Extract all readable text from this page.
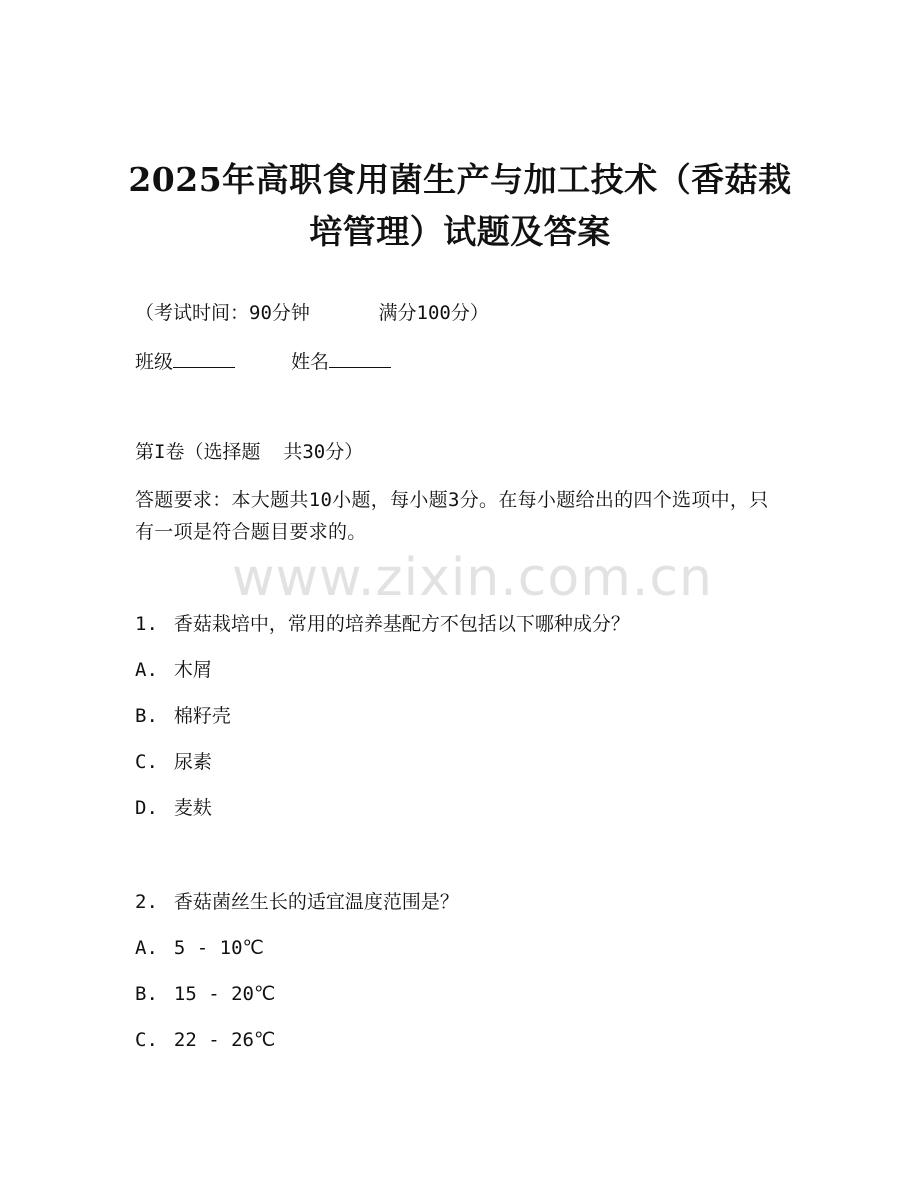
2025年高职食用菌生产与加工技术（香菇栽
培管理）试题及答案
（考试时间：90分钟      满分100分）
班级	姓名
第I卷（选择题  共30分）
答题要求：本大题共10小题，每小题3分。在每小题给出的四个选项中，只有一项是符合题目要求的。
www.zixin.com.cn
1. 香菇栽培中，常用的培养基配方不包括以下哪种成分？
A. 木屑
B. 棉籽壳
C. 尿素
D. 麦麸
2. 香菇菌丝生长的适宜温度范围是？
A. 5 - 10℃
B. 15 - 20℃
C. 22 - 26℃
